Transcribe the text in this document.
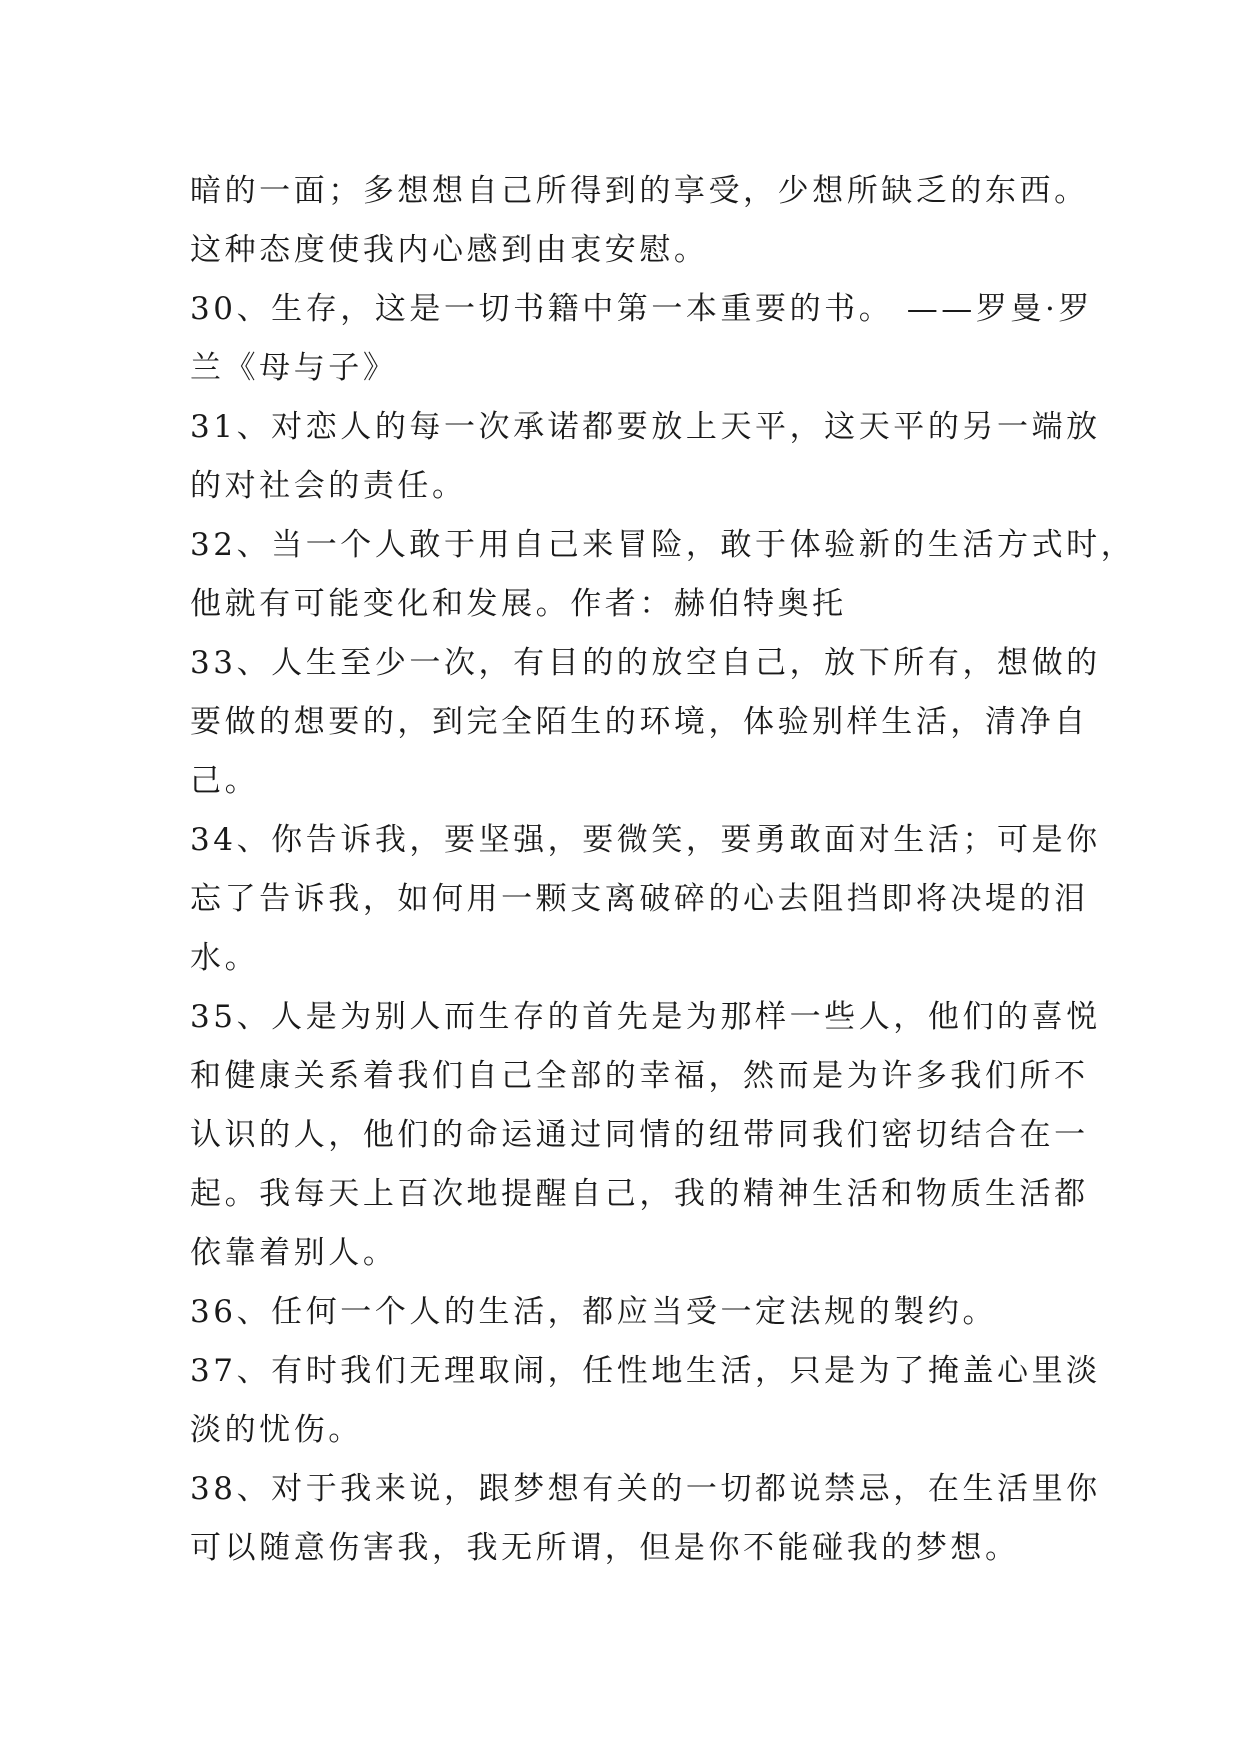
暗的一面；多想想自己所得到的享受，少想所缺乏的东西。
这种态度使我内心感到由衷安慰。
30、生存，这是一切书籍中第一本重要的书。 ——罗曼·罗
兰《母与子》
31、对恋人的每一次承诺都要放上天平，这天平的另一端放
的对社会的责任。
32、当一个人敢于用自己来冒险，敢于体验新的生活方式时，
他就有可能变化和发展。作者：赫伯特奥托
33、人生至少一次，有目的的放空自己，放下所有，想做的
要做的想要的，到完全陌生的环境，体验别样生活，清净自
己。
34、你告诉我，要坚强，要微笑，要勇敢面对生活；可是你
忘了告诉我，如何用一颗支离破碎的心去阻挡即将决堤的泪
水。
35、人是为别人而生存的首先是为那样一些人，他们的喜悦
和健康关系着我们自己全部的幸福，然而是为许多我们所不
认识的人，他们的命运通过同情的纽带同我们密切结合在一
起。我每天上百次地提醒自己，我的精神生活和物质生活都
依靠着别人。
36、任何一个人的生活，都应当受一定法规的製约。
37、有时我们无理取闹，任性地生活，只是为了掩盖心里淡
淡的忧伤。
38、对于我来说，跟梦想有关的一切都说禁忌，在生活里你
可以随意伤害我，我无所谓，但是你不能碰我的梦想。
